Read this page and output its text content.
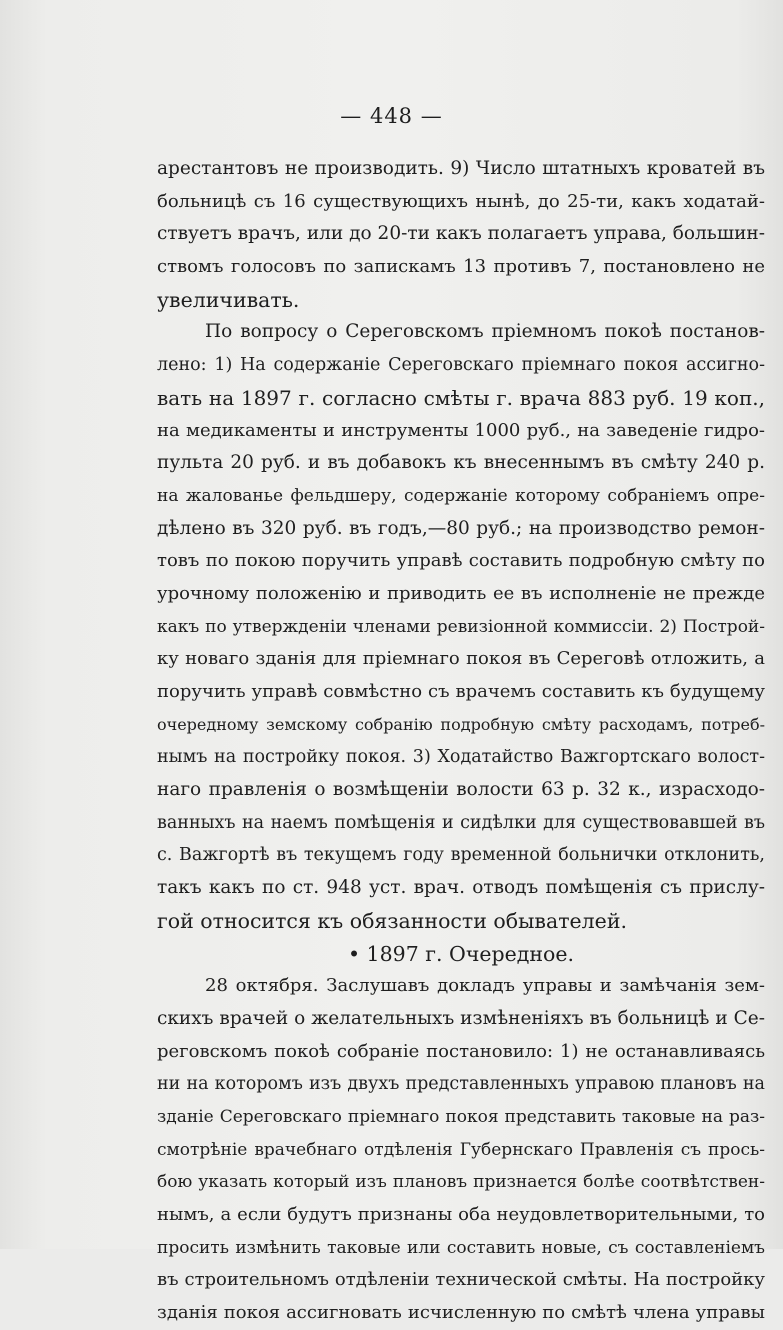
— 448 —
арестантовъ не производить. 9) Число штатныхъ кроватей въ
больницѣ съ 16 существующихъ нынѣ, до 25-ти, какъ ходатай-
ствуетъ врачъ, или до 20-ти какъ полагаетъ управа, большин-
ствомъ голосовъ по запискамъ 13 противъ 7, постановлено не
увеличивать.
По вопросу о Сереговскомъ пріемномъ покоѣ постанов-
лено: 1) На содержаніе Сереговскаго пріемнаго покоя ассигно-
вать на 1897 г. согласно смѣты г. врача 883 руб. 19 коп.,
на медикаменты и инструменты 1000 руб., на заведеніе гидро-
пульта 20 руб. и въ добавокъ къ внесеннымъ въ смѣту 240 р.
на жалованье фельдшеру, содержаніе которому собраніемъ опре-
дѣлено въ 320 руб. въ годъ,—80 руб.; на производство ремон-
товъ по покою поручить управѣ составить подробную смѣту по
урочному положенію и приводить ее въ исполненіе не прежде
какъ по утвержденіи членами ревизіонной коммиссіи. 2) Построй-
ку новаго зданія для пріемнаго покоя въ Сереговѣ отложить, а
поручить управѣ совмѣстно съ врачемъ составить къ будущему
очередному земскому собранію подробную смѣту расходамъ, потреб-
нымъ на постройку покоя. 3) Ходатайство Важгортскаго волост-
наго правленія о возмѣщеніи волости 63 р. 32 к., израсходо-
ванныхъ на наемъ помѣщенія и сидѣлки для существовавшей въ
с. Важгортѣ въ текущемъ году временной больнички отклонить,
такъ какъ по ст. 948 уст. врач. отводъ помѣщенія съ прислу-
гой относится къ обязанности обывателей.
• 1897 г. Очередное.
28 октября. Заслушавъ докладъ управы и замѣчанія зем-
скихъ врачей о желательныхъ измѣненіяхъ въ больницѣ и Се-
реговскомъ покоѣ собраніе постановило: 1) не останавливаясь
ни на которомъ изъ двухъ представленныхъ управою плановъ на
зданіе Сереговскаго пріемнаго покоя представить таковые на раз-
смотрѣніе врачебнаго отдѣленія Губернскаго Правленія съ прось-
бою указать который изъ плановъ признается болѣе соотвѣтствен-
нымъ, а если будутъ признаны оба неудовлетворительными, то
просить измѣнить таковые или составить новые, съ составленіемъ
въ строительномъ отдѣленіи технической смѣты. На постройку
зданія покоя ассигновать исчисленную по смѣтѣ члена управы
